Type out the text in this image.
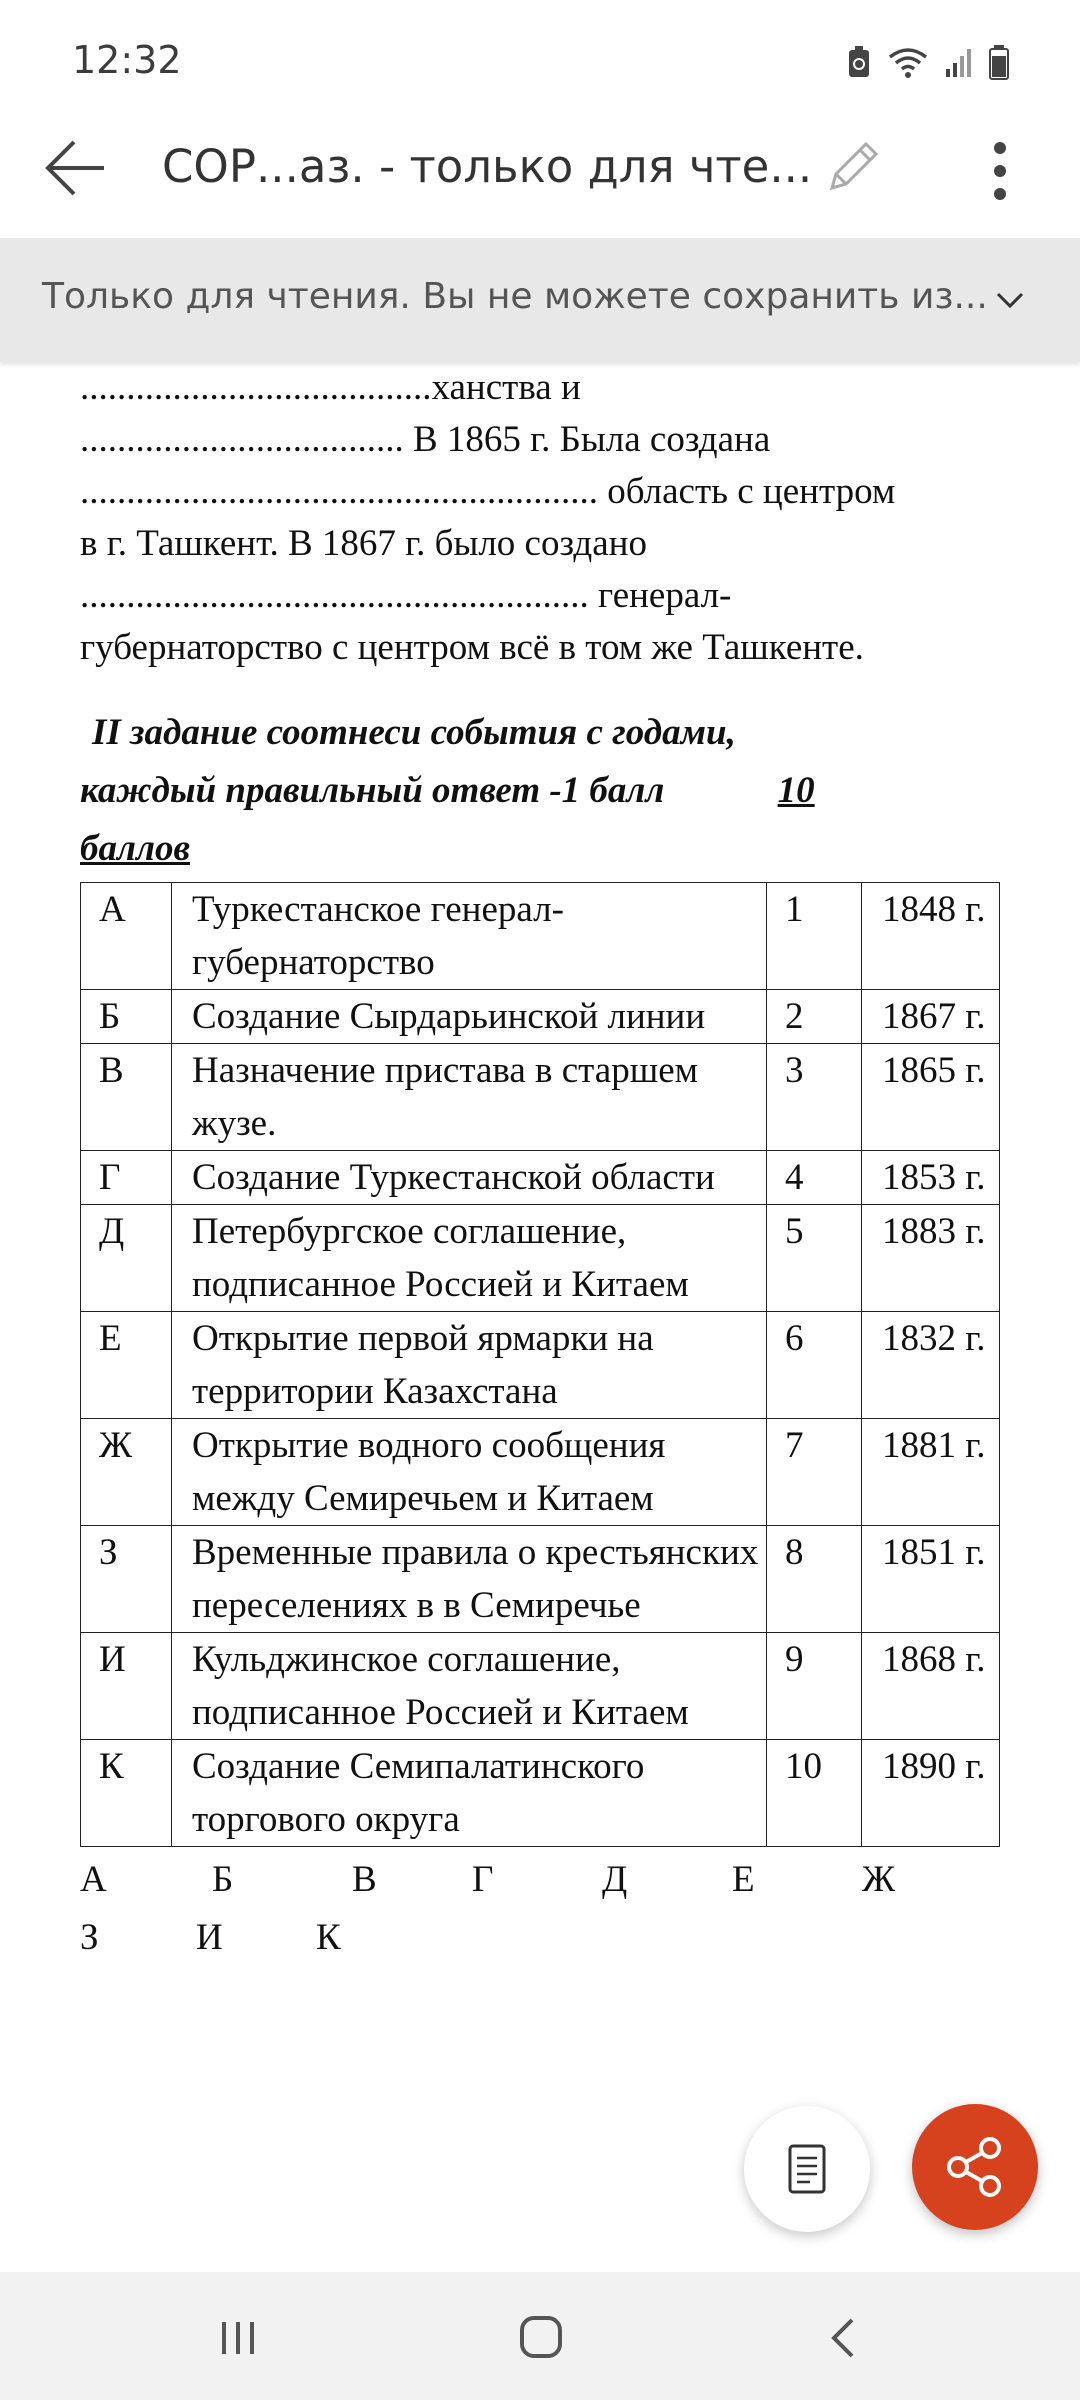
12:32
СОР...аз. - только для чте...
Только для чтения. Вы не можете сохранить из...

......................................ханства и

................................... В 1865 г. Была создана

........................................................ область с центром

в г. Ташкент. В 1867 г. было создано

....................................................... генерал-

губернаторство с центром всё в том же Ташкенте.

II задание соотнеси события с годами,
каждый правильный ответ -1 балл	10
баллов
А	Туркестанское генерал-губернаторство	1	1848 г.
Б	Создание Сырдарьинской линии	2	1867 г.
В	Назначение пристава в старшем жузе.	3	1865 г.
Г	Создание Туркестанской области	4	1853 г.
Д	Петербургское соглашение, подписанное Россией и Китаем	5	1883 г.
Е	Открытие первой ярмарки на территории Казахстана	6	1832 г.
Ж	Открытие водного сообщения между Семиречьем и Китаем	7	1881 г.
З	Временные правила о крестьянских переселениях в в Семиречье	8	1851 г.
И	Кульджинское соглашение, подписанное Россией и Китаем	9	1868 г.
К	Создание Семипалатинского торгового округа	10	1890 г.
А	Б	В	Г	Д	Е	Ж
З	И	К
